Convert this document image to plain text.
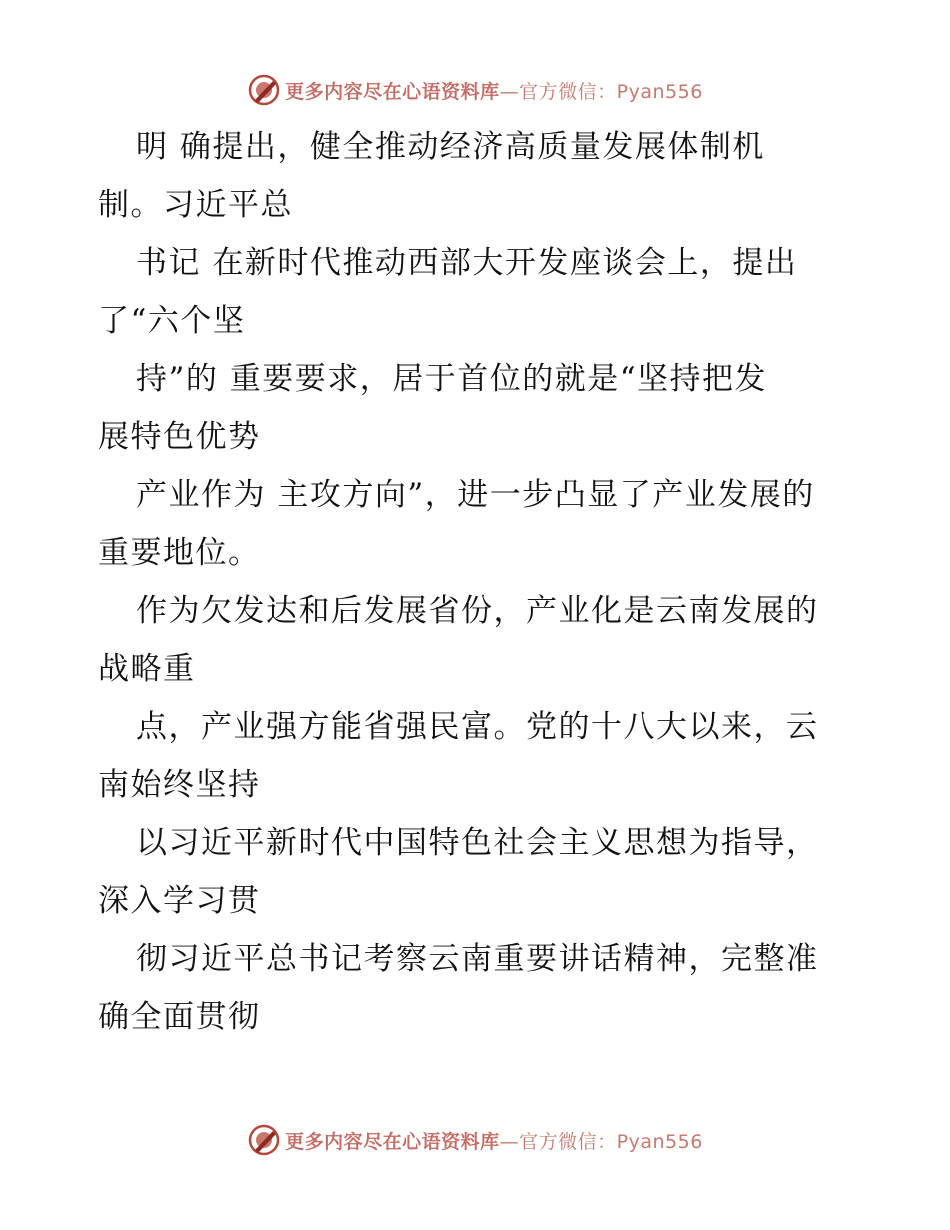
更多内容尽在心语资料库—官方微信：Pyan556
明 确提出，健全推动经济高质量发展体制机
制。习近平总
书记 在新时代推动西部大开发座谈会上，提出
了“六个坚
持”的 重要要求，居于首位的就是“坚持把发
展特色优势
产业作为 主攻方向”，进一步凸显了产业发展的
重要地位。
作为欠发达和后发展省份，产业化是云南发展的
战略重
点，产业强方能省强民富。党的十八大以来，云
南始终坚持
以习近平新时代中国特色社会主义思想为指导，
深入学习贯
彻习近平总书记考察云南重要讲话精神，完整准
确全面贯彻
更多内容尽在心语资料库—官方微信：Pyan556
